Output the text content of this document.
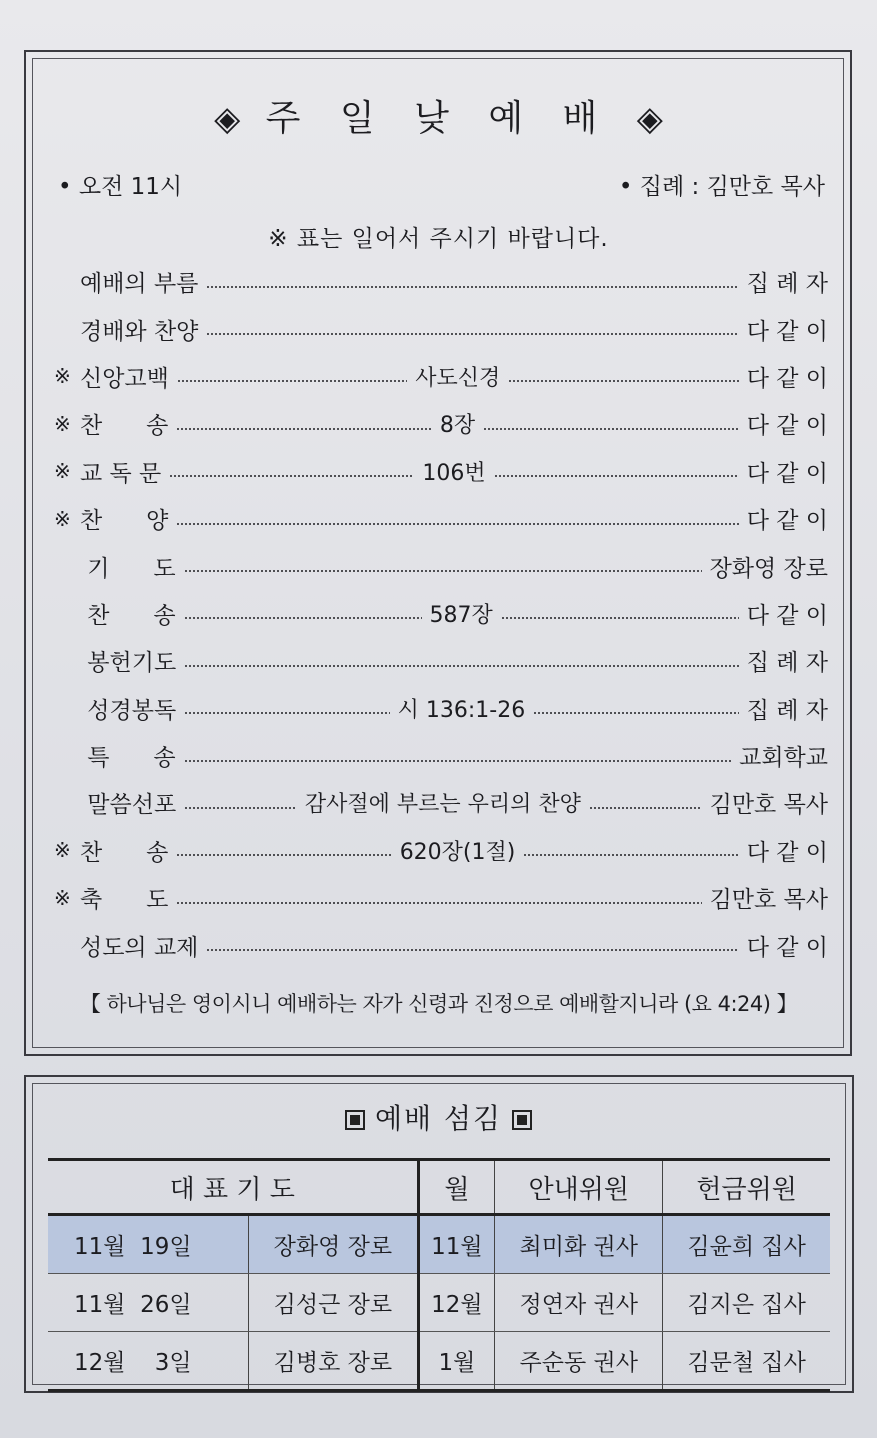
◈ 주 일 낮 예 배 ◈
• 오전 11시	• 집례 : 김만호 목사
※ 표는 일어서 주시기 바랍니다.
예배의 부름	집 례 자
경배와 찬양	다 같 이
※ 신앙고백	사도신경	다 같 이
※ 찬      송	8장	다 같 이
※ 교 독 문	106번	다 같 이
※ 찬      양	다 같 이
기      도	장화영 장로
찬      송	587장	다 같 이
봉헌기도	집 례 자
성경봉독	시 136:1-26	집 례 자
특      송	교회학교
말씀선포	감사절에 부르는 우리의 찬양	김만호 목사
※ 찬      송	620장(1절)	다 같 이
※ 축      도	김만호 목사
성도의 교제	다 같 이
【 하나님은 영이시니 예배하는 자가 신령과 진정으로 예배할지니라 (요 4:24) 】
예배 섬김
대 표 기 도		월	안내위원	헌금위원
11월  19일	장화영 장로	11월	최미화 권사	김윤희 집사
11월  26일	김성근 장로	12월	정연자 권사	김지은 집사
12월    3일	김병호 장로	1월	주순동 권사	김문철 집사
